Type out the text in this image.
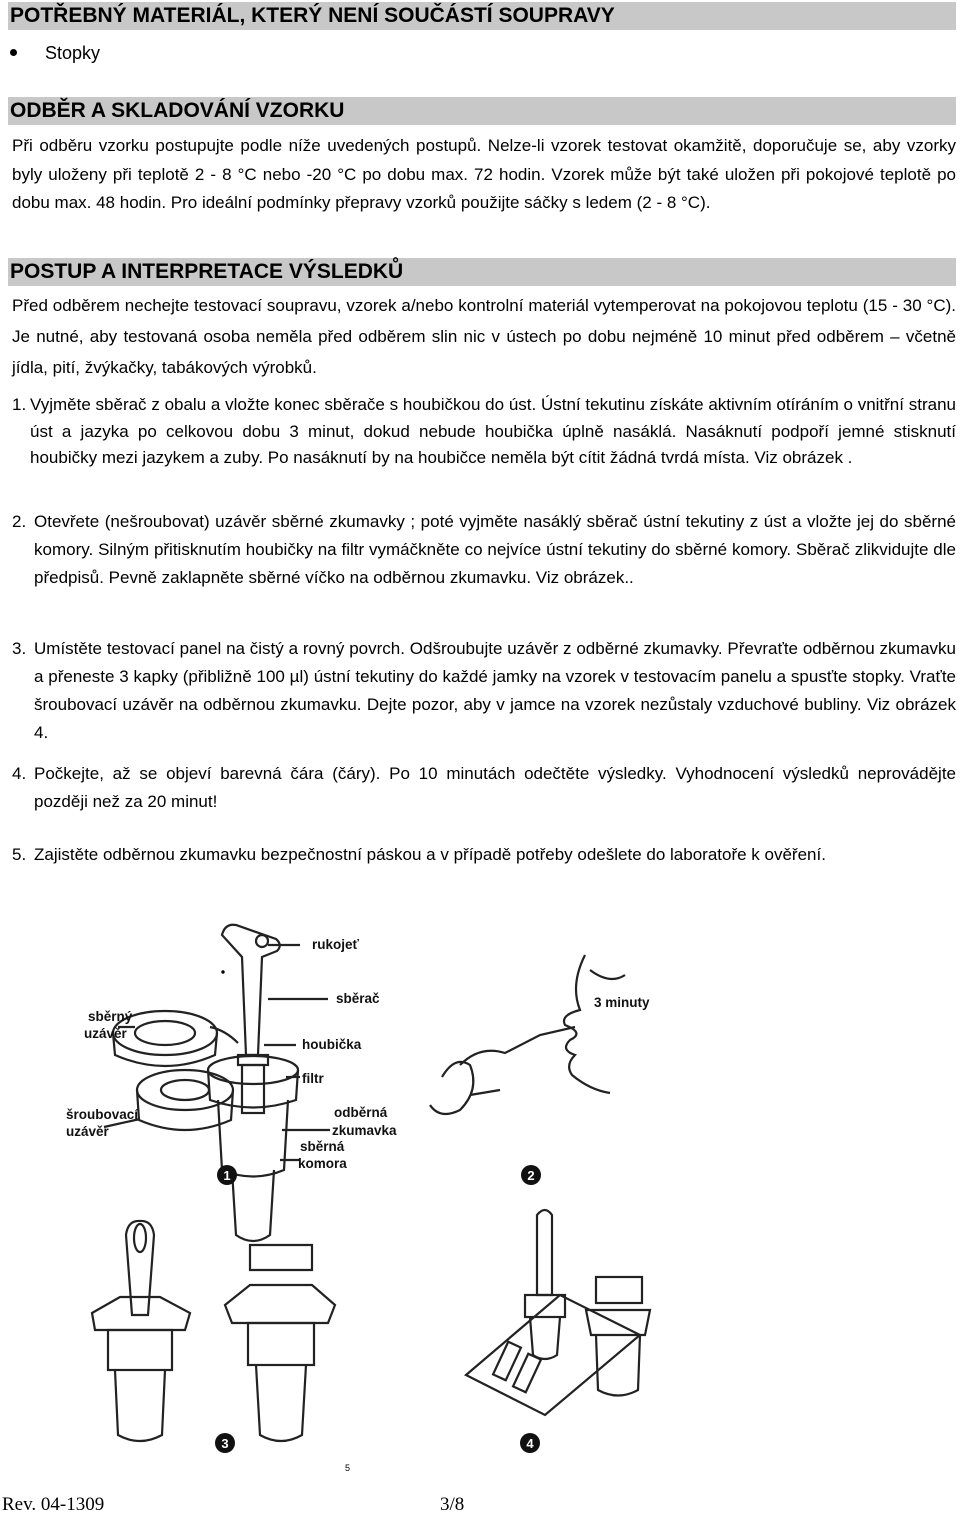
POTŘEBNÝ MATERIÁL, KTERÝ NENÍ SOUČÁSTÍ SOUPRAVY
Stopky
ODBĚR A SKLADOVÁNÍ VZORKU
Při odběru vzorku postupujte podle níže uvedených postupů. Nelze-li vzorek testovat okamžitě, doporučuje se, aby vzorky byly uloženy při teplotě 2 - 8 °C nebo -20 °C po dobu max. 72 hodin. Vzorek může být také uložen při pokojové teplotě po dobu max. 48 hodin. Pro ideální podmínky přepravy vzorků použijte sáčky s ledem (2 - 8 °C).
POSTUP A INTERPRETACE VÝSLEDKŮ
Před odběrem nechejte testovací soupravu, vzorek a/nebo kontrolní materiál vytemperovat na pokojovou teplotu (15 - 30 °C). Je nutné, aby testovaná osoba neměla před odběrem slin nic v ústech po dobu nejméně 10 minut před odběrem – včetně jídla, pití, žvýkačky, tabákových výrobků.
1. Vyjměte sběrač z obalu a vložte konec sběrače s houbičkou do úst. Ústní tekutinu získáte aktivním otíráním o vnitřní stranu úst a jazyka po celkovou dobu 3 minut, dokud nebude houbička úplně nasáklá. Nasáknutí podpoří jemné stisknutí houbičky mezi jazykem a zuby. Po nasáknutí by na houbičce neměla být cítit žádná tvrdá místa. Viz obrázek .
2. Otevřete (nešroubovat) uzávěr sběrné zkumavky ; poté vyjměte nasáklý sběrač ústní tekutiny z úst a vložte jej do sběrné komory. Silným přitisknutím houbičky na filtr vymáčkněte co nejvíce ústní tekutiny do sběrné komory. Sběrač zlikvidujte dle předpisů. Pevně zaklapněte sběrné víčko na odběrnou zkumavku. Viz obrázek..
3. Umístěte testovací panel na čistý a rovný povrch. Odšroubujte uzávěr z odběrné zkumavky. Převraťte odběrnou zkumavku a přeneste 3 kapky (přibližně 100 µl) ústní tekutiny do každé jamky na vzorek v testovacím panelu a spusťte stopky. Vraťte šroubovací uzávěr na odběrnou zkumavku. Dejte pozor, aby v jamce na vzorek nezůstaly vzduchové bubliny. Viz obrázek 4.
4. Počkejte, až se objeví barevná čára (čáry). Po 10 minutách odečtěte výsledky. Vyhodnocení výsledků neprovádějte později než za 20 minut!
5. Zajistěte odběrnou zkumavku bezpečnostní páskou a v případě potřeby odešlete do laboratoře k ověření.
1	2
3	4
rukojeť
sběrač
sběrný
uzávěr
houbička
filtr
odběrná
zkumavka
šroubovací
uzávěr
sběrná
komora
3 minuty
5
Rev. 04-1309	3/8
